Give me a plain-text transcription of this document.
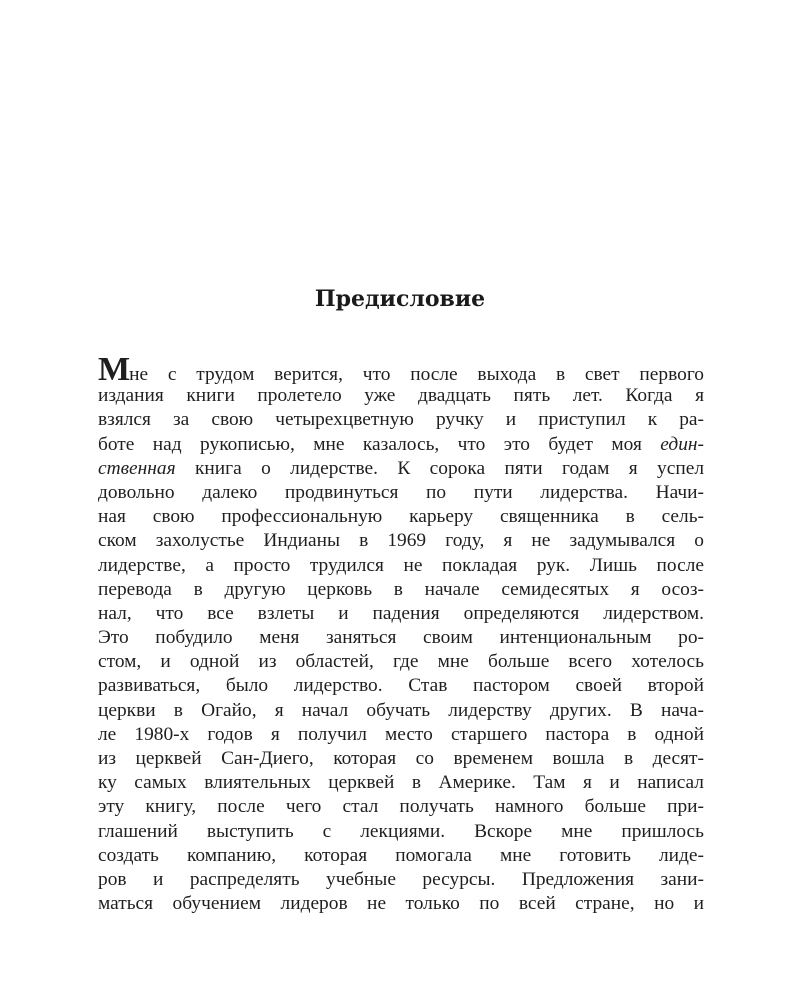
Предисловие
Мне с трудом верится, что после выхода в свет первого
издания книги пролетело уже двадцать пять лет. Когда я
взялся за свою четырехцветную ручку и приступил к ра-
боте над рукописью, мне казалось, что это будет моя един-
ственная книга о лидерстве. К сорока пяти годам я успел
довольно далеко продвинуться по пути лидерства. Начи-
ная свою профессиональную карьеру священника в сель-
ском захолустье Индианы в 1969 году, я не задумывался о
лидерстве, а просто трудился не покладая рук. Лишь после
перевода в другую церковь в начале семидесятых я осоз-
нал, что все взлеты и падения определяются лидерством.
Это побудило меня заняться своим интенциональным ро-
стом, и одной из областей, где мне больше всего хотелось
развиваться, было лидерство. Став пастором своей второй
церкви в Огайо, я начал обучать лидерству других. В нача-
ле 1980-х годов я получил место старшего пастора в одной
из церквей Сан-Диего, которая со временем вошла в десят-
ку самых влиятельных церквей в Америке. Там я и написал
эту книгу, после чего стал получать намного больше при-
глашений выступить с лекциями. Вскоре мне пришлось
создать компанию, которая помогала мне готовить лиде-
ров и распределять учебные ресурсы. Предложения зани-
маться обучением лидеров не только по всей стране, но и
